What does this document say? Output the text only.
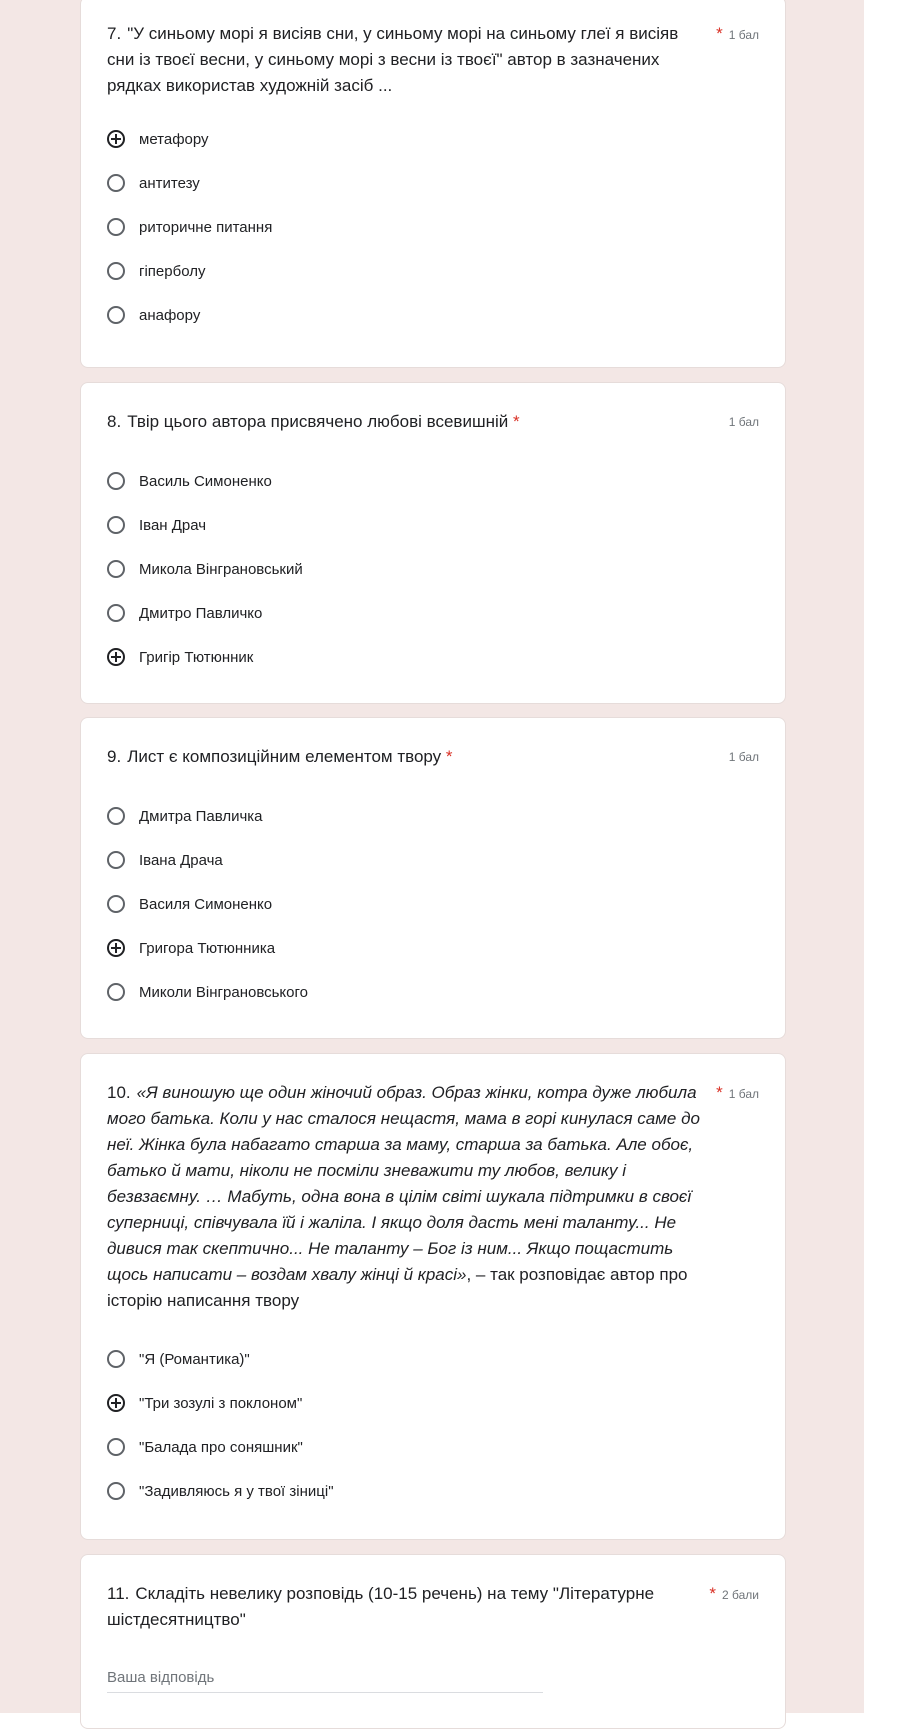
7. "У синьому морі я висіяв сни, у синьому морі на синьому глеї я висіяв сни із твоєї весни, у синьому морі з весни із твоєї" автор в зазначених рядках використав художній засіб ...
* 1 бал
метафору
антитезу
риторичне питання
гіперболу
анафору
8. Твір цього автора присвячено любові всевишній *	1 бал
Василь Симоненко
Іван Драч
Микола Вінграновський
Дмитро Павличко
Григір Тютюнник
9. Лист є композиційним елементом твору *	1 бал
Дмитра Павличка
Івана Драча
Василя Симоненко
Григора Тютюнника
Миколи Вінграновського
10. «Я виношую ще один жіночий образ. Образ жінки, котра дуже любила мого батька. Коли у нас сталося нещастя, мама в горі кинулася саме до неї. Жінка була набагато старша за маму, старша за батька. Але обоє, батько й мати, ніколи не посміли зневажити ту любов, велику і безвзаємну. … Мабуть, одна вона в цілім світі шукала підтримки в своєї суперниці, співчувала їй і жаліла. І якщо доля дасть мені таланту... Не дивися так скептично... Не таланту – Бог із ним... Якщо пощастить щось написати – воздам хвалу жінці й красі», – так розповідає автор про історію написання твору
* 1 бал
"Я (Романтика)"
"Три зозулі з поклоном"
"Балада про соняшник"
"Задивляюсь я у твої зіниці"
11. Складіть невелику розповідь (10-15 речень) на тему "Літературне шістдесятництво"
* 2 бали
Ваша відповідь
